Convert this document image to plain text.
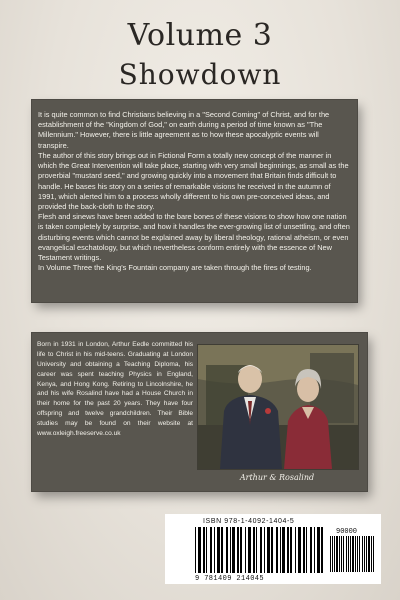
Volume 3
Showdown

It is quite common to find Christians believing in a "Second Coming" of Christ, and for the establishment of the "Kingdom of God," on earth during a period of time known as "The Millennium." However, there is little agreement as to how these apocalyptic events will transpire.

The author of this story brings out in Fictional Form a totally new concept of the manner in which the Great Intervention will take place, starting with very small beginnings, as small as the proverbial "mustard seed," and growing quickly into a movement that Britain finds difficult to handle. He bases his story on a series of remarkable visions he received in the autumn of 1991, which alerted him to a process wholly different to his own pre-conceived ideas, and provided the back-cloth to the story.

Flesh and sinews have been added to the bare bones of these visions to show how one nation is taken completely by surprise, and how it handles the ever-growing list of unsettling, and often disturbing events which cannot be explained away by liberal theology, rational atheism, or even evangelical eschatology, but which nevertheless conform entirely with the essence of New Testament writings.

In Volume Three the King's Fountain company are taken through the fires of testing.

Born in 1931 in London, Arthur Eedle committed his life to Christ in his mid-teens. Graduating at London University and obtaining a Teaching Diploma, his career was spent teaching Physics in England, Kenya, and Hong Kong. Retiring to Lincolnshire, he and his wife Rosalind have had a House Church in their home for the past 20 years. They have four offspring and twelve grandchildren. Their Bible studies may be found on their website at www.oxleigh.freeserve.co.uk
Arthur & Rosalind
ISBN 978-1-4092-1404-5
90000
9 781409 214045
